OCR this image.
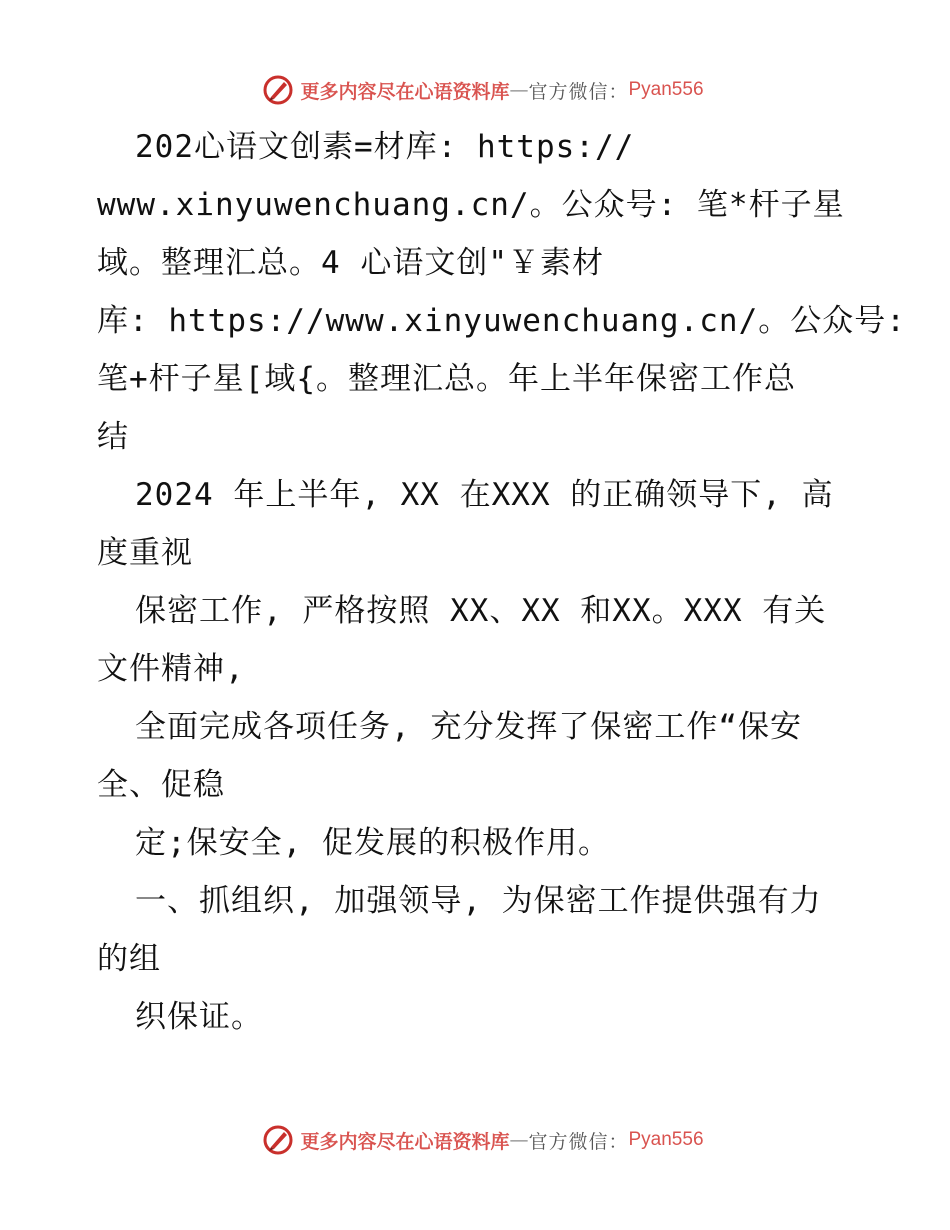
更多内容尽在心语资料库 — 官方微信： Pyan556
202心语文创素=材库: https://
www.xinyuwenchuang.cn/。公众号: 笔*杆子星
域。整理汇总。4 心语文创"￥素材
库: https://www.xinyuwenchuang.cn/。公众号:
笔+杆子星[域{。整理汇总。年上半年保密工作总
结
2024 年上半年, XX 在XXX 的正确领导下, 高
度重视
保密工作, 严格按照 XX、XX 和XX。XXX 有关
文件精神,
全面完成各项任务, 充分发挥了保密工作“保安
全、促稳
定;保安全, 促发展的积极作用。
一、抓组织, 加强领导, 为保密工作提供强有力
的组
织保证。
更多内容尽在心语资料库 — 官方微信： Pyan556
